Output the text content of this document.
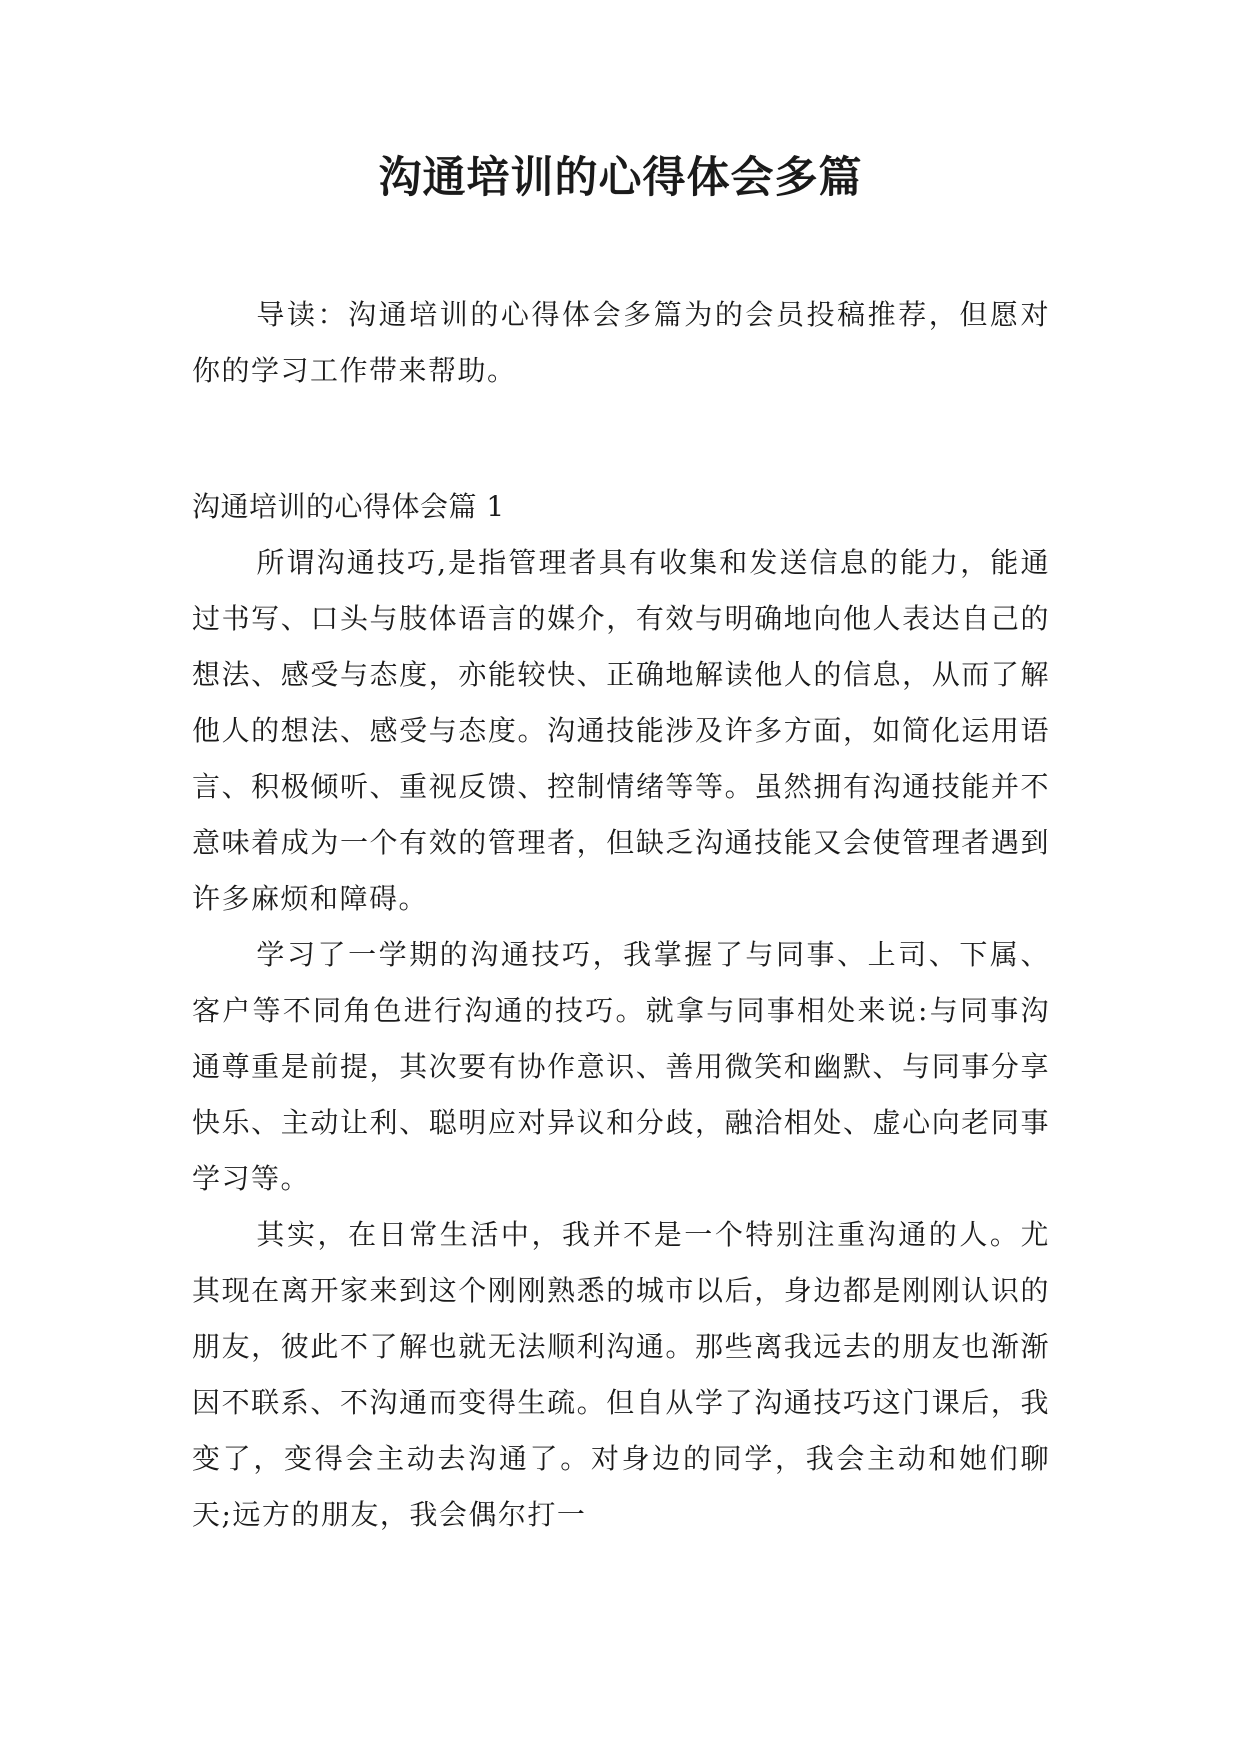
沟通培训的心得体会多篇

导读：沟通培训的心得体会多篇为的会员投稿推荐，但愿对你的学习工作带来帮助。

沟通培训的心得体会篇 1

所谓沟通技巧,是指管理者具有收集和发送信息的能力，能通过书写、口头与肢体语言的媒介，有效与明确地向他人表达自己的想法、感受与态度，亦能较快、正确地解读他人的信息，从而了解他人的想法、感受与态度。沟通技能涉及许多方面，如简化运用语言、积极倾听、重视反馈、控制情绪等等。虽然拥有沟通技能并不意味着成为一个有效的管理者，但缺乏沟通技能又会使管理者遇到许多麻烦和障碍。

学习了一学期的沟通技巧，我掌握了与同事、上司、下属、客户等不同角色进行沟通的技巧。就拿与同事相处来说:与同事沟通尊重是前提，其次要有协作意识、善用微笑和幽默、与同事分享快乐、主动让利、聪明应对异议和分歧，融洽相处、虚心向老同事学习等。

其实，在日常生活中，我并不是一个特别注重沟通的人。尤其现在离开家来到这个刚刚熟悉的城市以后，身边都是刚刚认识的朋友，彼此不了解也就无法顺利沟通。那些离我远去的朋友也渐渐因不联系、不沟通而变得生疏。但自从学了沟通技巧这门课后，我变了，变得会主动去沟通了。对身边的同学，我会主动和她们聊天;远方的朋友，我会偶尔打一
